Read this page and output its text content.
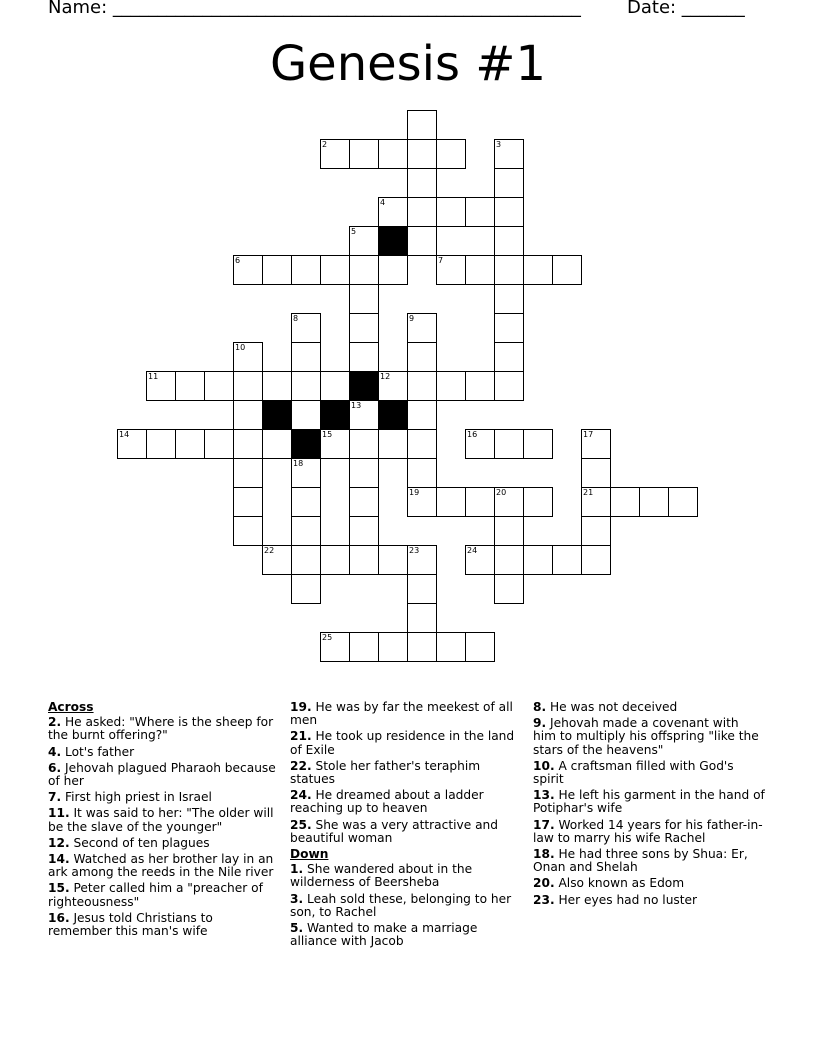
Name: ____________________________________________________	Date: _______
Genesis #1
2	3
4
5
6	7
8	9
10
11	12
13
14	15	16	17
18
19	20	21
22	23	24
25
Across
2. He asked: "Where is the sheep for the burnt offering?"
4. Lot's father
6. Jehovah plagued Pharaoh because of her
7. First high priest in Israel
11. It was said to her: "The older will be the slave of the younger"
12. Second of ten plagues
14. Watched as her brother lay in an ark among the reeds in the Nile river
15. Peter called him a "preacher of righteousness"
16. Jesus told Christians to remember this man's wife
19. He was by far the meekest of all men
21. He took up residence in the land of Exile
22. Stole her father's teraphim statues
24. He dreamed about a ladder reaching up to heaven
25. She was a very attractive and beautiful woman
Down
1. She wandered about in the wilderness of Beersheba
3. Leah sold these, belonging to her son, to Rachel
5. Wanted to make a marriage alliance with Jacob
8. He was not deceived
9. Jehovah made a covenant with him to multiply his offspring "like the stars of the heavens"
10. A craftsman filled with God's spirit
13. He left his garment in the hand of Potiphar's wife
17. Worked 14 years for his father-in-law to marry his wife Rachel
18. He had three sons by Shua: Er, Onan and Shelah
20. Also known as Edom
23. Her eyes had no luster
